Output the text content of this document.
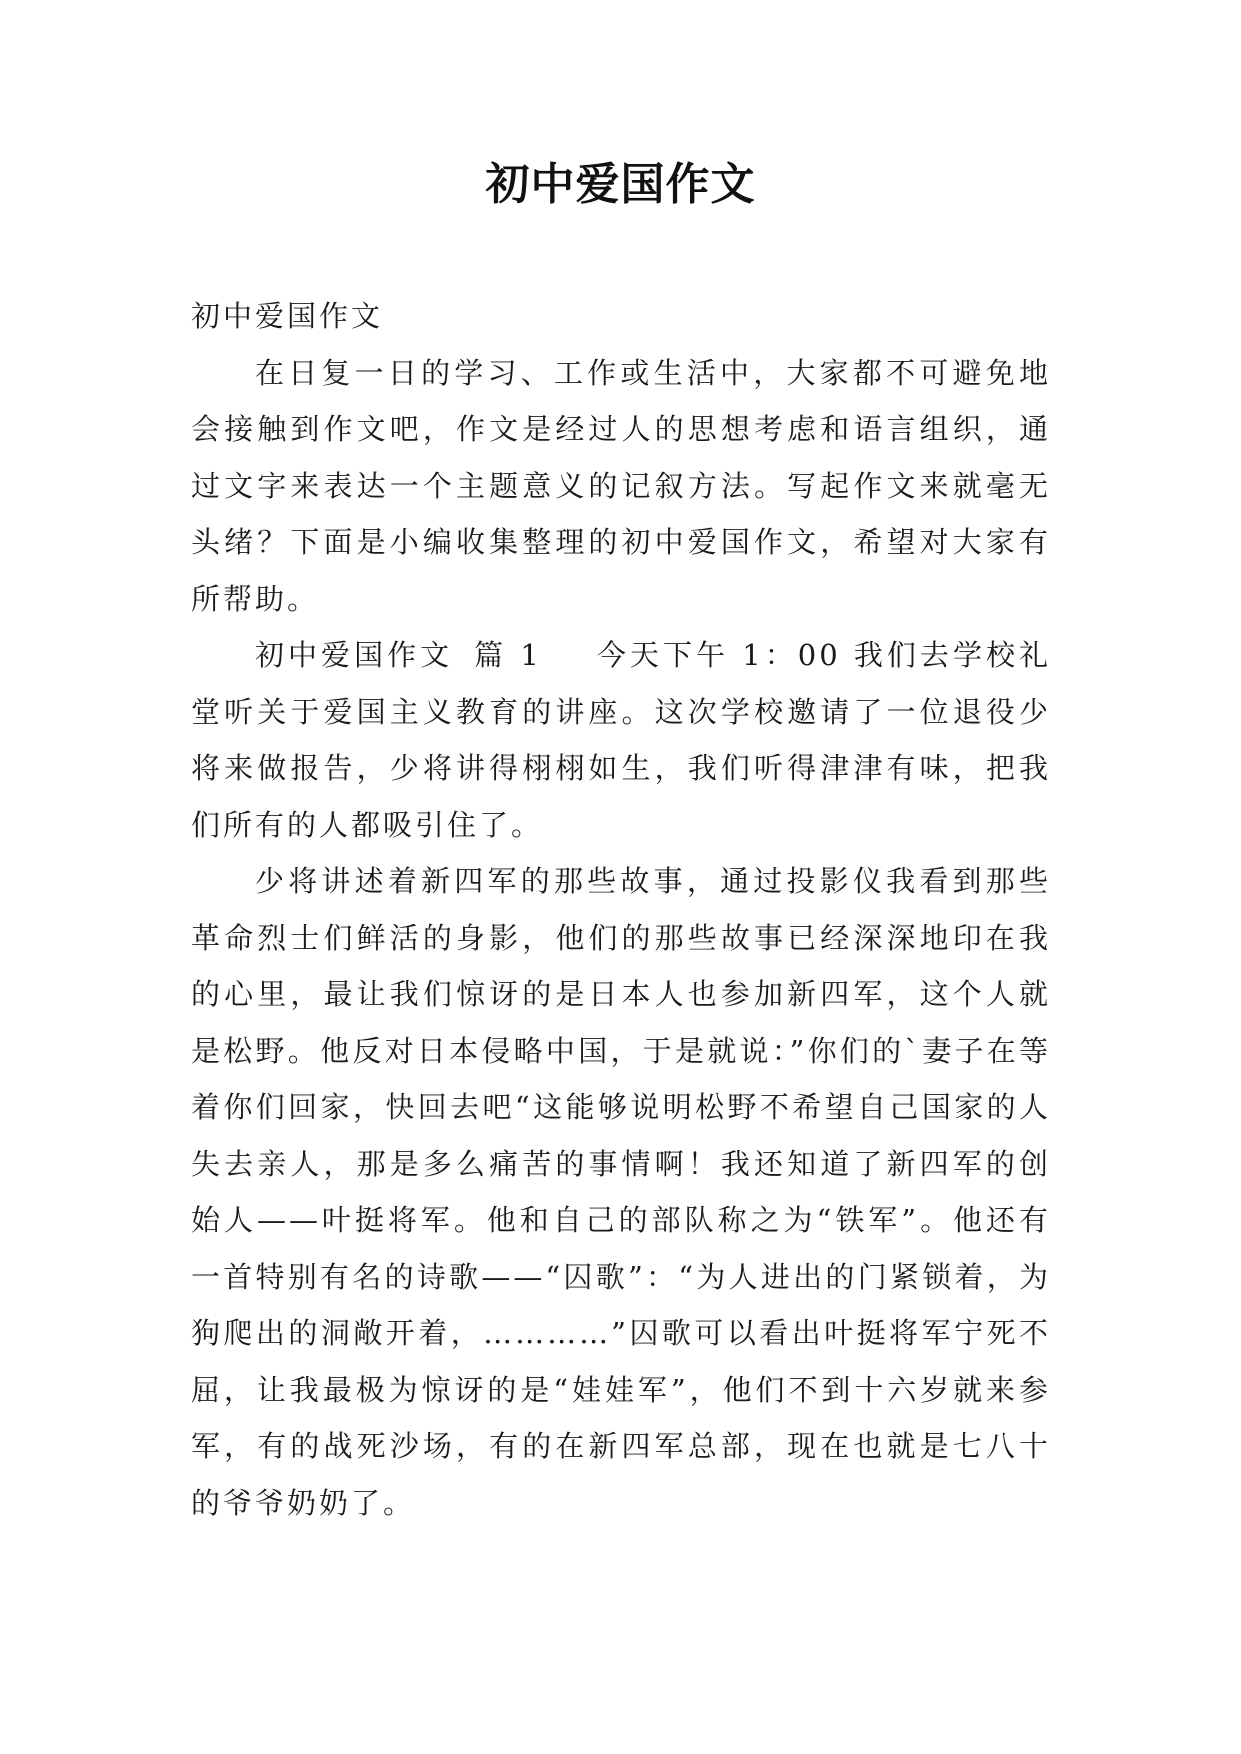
初中爱国作文

初中爱国作文

在日复一日的学习、工作或生活中，大家都不可避免地会接触到作文吧，作文是经过人的思想考虑和语言组织，通过文字来表达一个主题意义的记叙方法。写起作文来就毫无头绪？下面是小编收集整理的初中爱国作文，希望对大家有所帮助。

初中爱国作文 篇 1 今天下午 1：00 我们去学校礼堂听关于爱国主义教育的讲座。这次学校邀请了一位退役少将来做报告，少将讲得栩栩如生，我们听得津津有味，把我们所有的人都吸引住了。

少将讲述着新四军的那些故事，通过投影仪我看到那些革命烈士们鲜活的身影，他们的那些故事已经深深地印在我的心里，最让我们惊讶的是日本人也参加新四军，这个人就是松野。他反对日本侵略中国，于是就说：”你们的`妻子在等着你们回家，快回去吧“这能够说明松野不希望自己国家的人失去亲人，那是多么痛苦的事情啊！我还知道了新四军的创始人——叶挺将军。他和自己的部队称之为“铁军”。他还有一首特别有名的诗歌——“囚歌”：“为人进出的门紧锁着，为狗爬出的洞敞开着，…………”囚歌可以看出叶挺将军宁死不屈，让我最极为惊讶的是“娃娃军”，他们不到十六岁就来参军，有的战死沙场，有的在新四军总部，现在也就是七八十的爷爷奶奶了。
